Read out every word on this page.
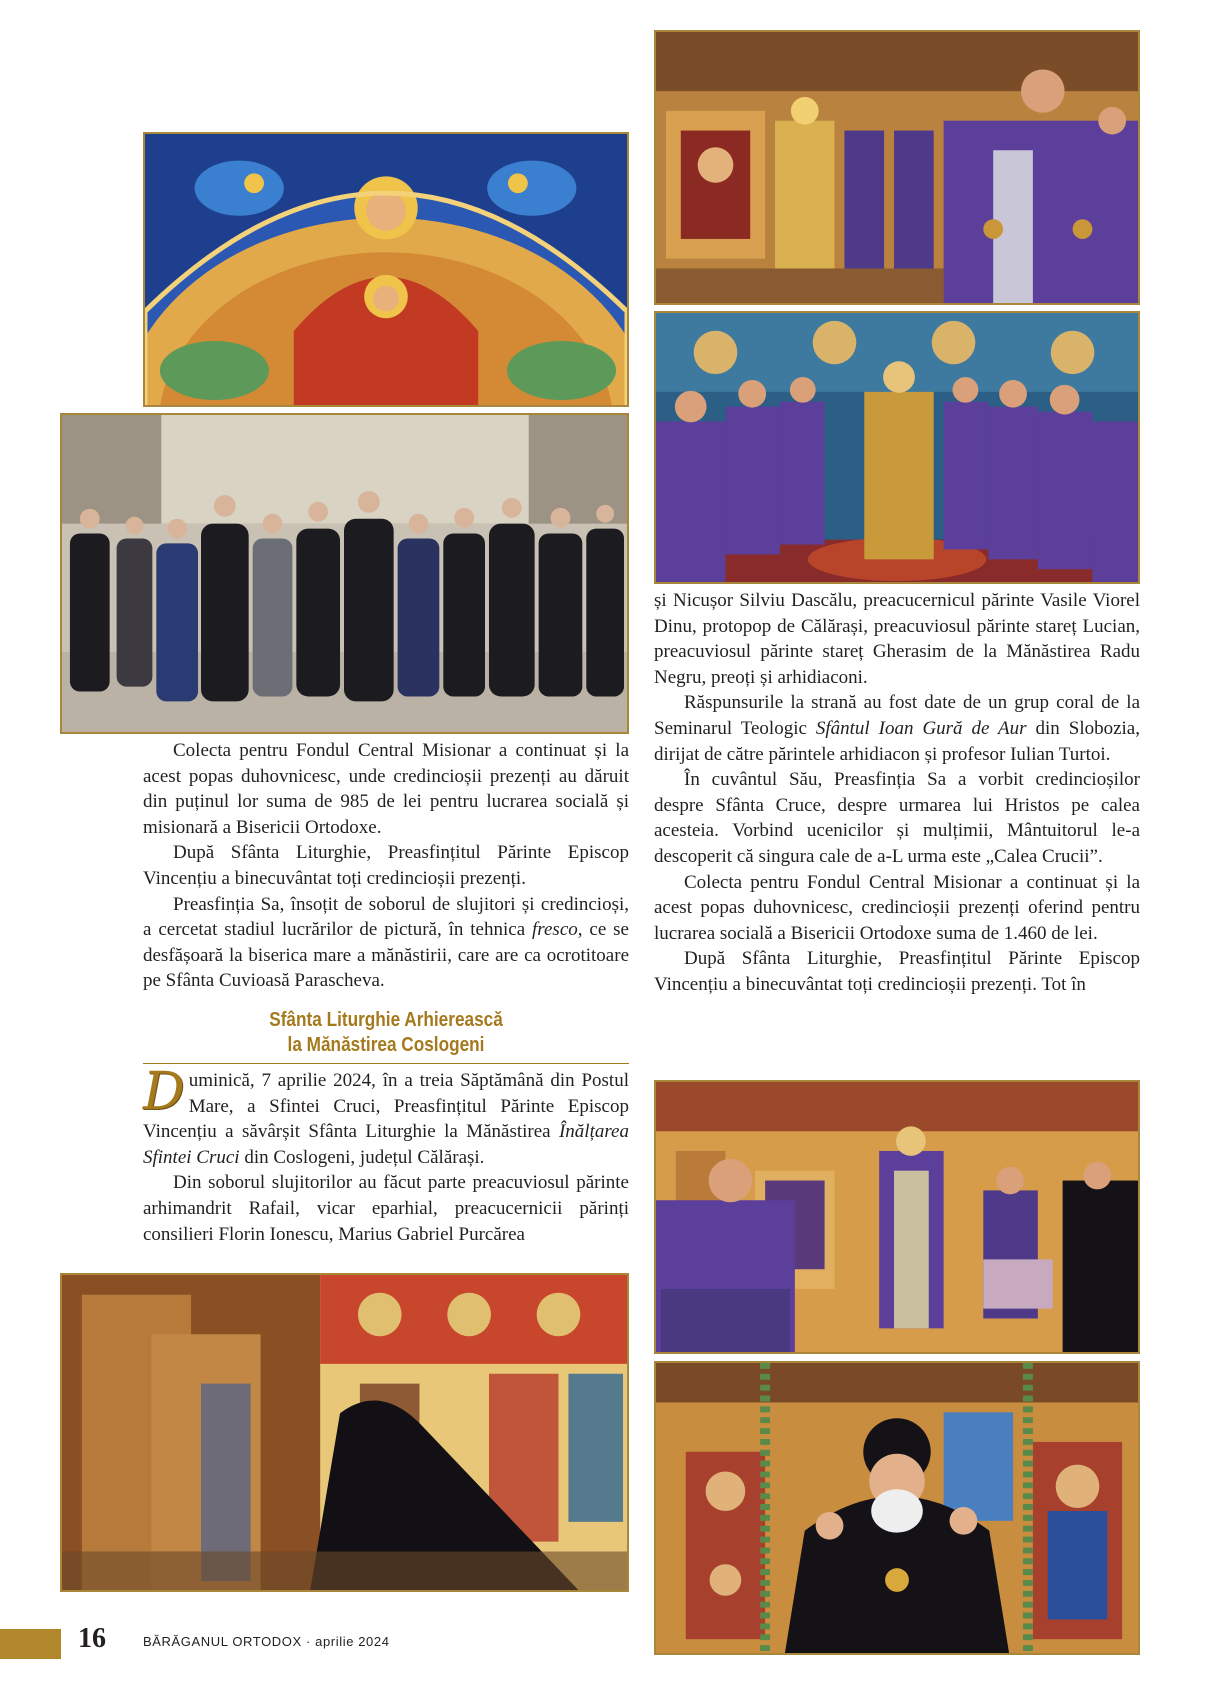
Colecta pentru Fondul Central Misionar a continuat și la acest popas duhovnicesc, unde credincioșii prezenți au dăruit din puținul lor suma de 985 de lei pentru lucrarea socială și misionară a Bisericii Ortodoxe.

După Sfânta Liturghie, Preasfințitul Părinte Episcop Vincențiu a binecuvântat toți credincioșii prezenți.

Preasfinția Sa, însoțit de soborul de slujitori și credincioși, a cercetat stadiul lucrărilor de pictură, în tehnica fresco, ce se desfășoară la biserica mare a mănăstirii, care are ca ocrotitoare pe Sfânta Cuvioasă Parascheva.

Sfânta Liturghie Arhierească
la Mănăstirea Coslogeni

Duminică, 7 aprilie 2024, în a treia Săptămână din Postul Mare, a Sfintei Cruci, Preasfințitul Părinte Episcop Vincențiu a săvârșit Sfânta Liturghie la Mănăstirea Înălțarea Sfintei Cruci din Coslogeni, județul Călărași.

Din soborul slujitorilor au făcut parte preacuviosul părinte arhimandrit Rafail, vicar eparhial, preacucernicii părinți consilieri Florin Ionescu, Marius Gabriel Purcărea

și Nicușor Silviu Dascălu, preacucernicul părinte Vasile Viorel Dinu, protopop de Călărași, preacuviosul părinte stareț Lucian, preacuviosul părinte stareț Gherasim de la Mănăstirea Radu Negru, preoți și arhidiaconi.

Răspunsurile la strană au fost date de un grup coral de la Seminarul Teologic Sfântul Ioan Gură de Aur din Slobozia, dirijat de către părintele arhidiacon și profesor Iulian Turtoi.

În cuvântul Său, Preasfinția Sa a vorbit credincioșilor despre Sfânta Cruce, despre urmarea lui Hristos pe calea acesteia. Vorbind ucenicilor și mulțimii, Mântuitorul le-a descoperit că singura cale de a-L urma este „Calea Crucii”.

Colecta pentru Fondul Central Misionar a continuat și la acest popas duhovnicesc, credincioșii prezenți oferind pentru lucrarea socială a Bisericii Ortodoxe suma de 1.460 de lei.

După Sfânta Liturghie, Preasfințitul Părinte Episcop Vincențiu a binecuvântat toți credincioșii prezenți. Tot în

16	BĂRĂGANUL ORTODOX · aprilie 2024
